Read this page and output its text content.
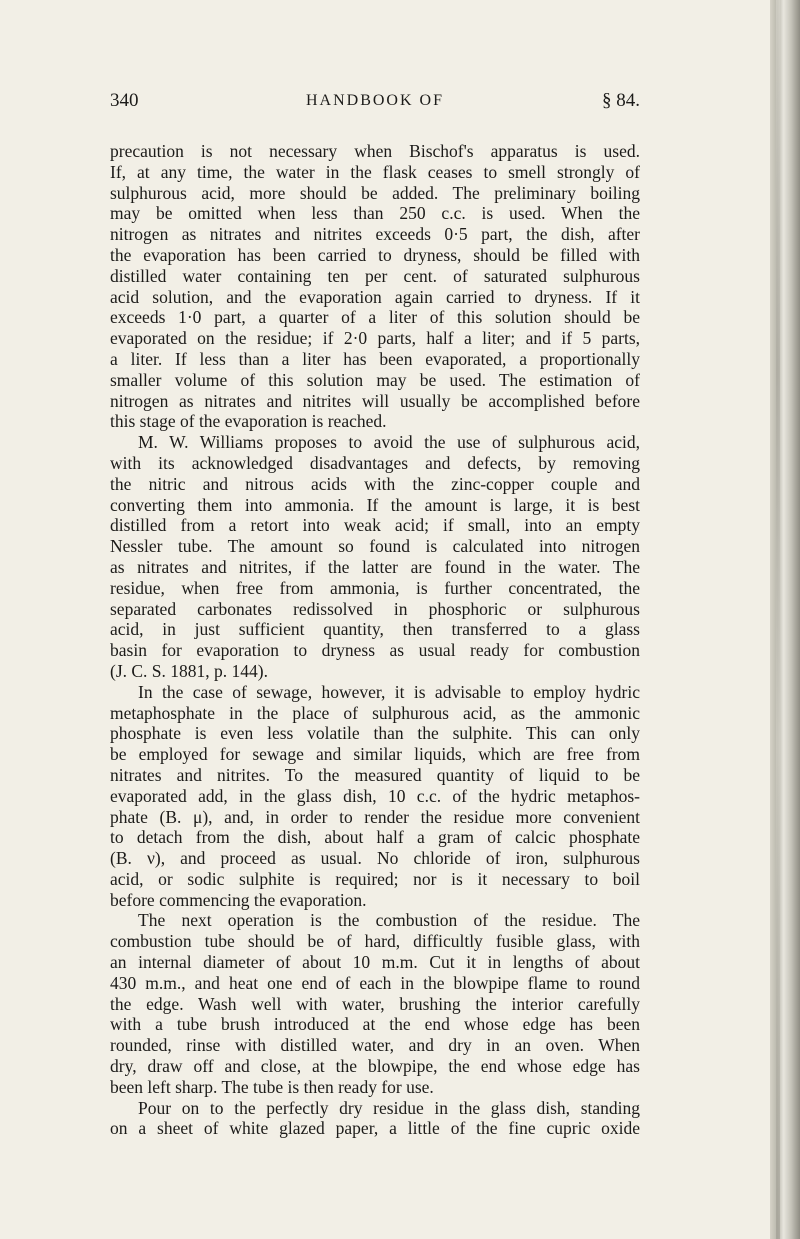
340	HANDBOOK OF	§ 84.
precaution is not necessary when Bischof's apparatus is used.
If, at any time, the water in the flask ceases to smell strongly of
sulphurous acid, more should be added. The preliminary boiling
may be omitted when less than 250 c.c. is used. When the
nitrogen as nitrates and nitrites exceeds 0·5 part, the dish, after
the evaporation has been carried to dryness, should be filled with
distilled water containing ten per cent. of saturated sulphurous
acid solution, and the evaporation again carried to dryness. If it
exceeds 1·0 part, a quarter of a liter of this solution should be
evaporated on the residue; if 2·0 parts, half a liter; and if 5 parts,
a liter. If less than a liter has been evaporated, a proportionally
smaller volume of this solution may be used. The estimation of
nitrogen as nitrates and nitrites will usually be accomplished before
this stage of the evaporation is reached.
M. W. Williams proposes to avoid the use of sulphurous acid,
with its acknowledged disadvantages and defects, by removing
the nitric and nitrous acids with the zinc-copper couple and
converting them into ammonia. If the amount is large, it is best
distilled from a retort into weak acid; if small, into an empty
Nessler tube. The amount so found is calculated into nitrogen
as nitrates and nitrites, if the latter are found in the water. The
residue, when free from ammonia, is further concentrated, the
separated carbonates redissolved in phosphoric or sulphurous
acid, in just sufficient quantity, then transferred to a glass
basin for evaporation to dryness as usual ready for combustion
(J. C. S. 1881, p. 144).
In the case of sewage, however, it is advisable to employ hydric
metaphosphate in the place of sulphurous acid, as the ammonic
phosphate is even less volatile than the sulphite. This can only
be employed for sewage and similar liquids, which are free from
nitrates and nitrites. To the measured quantity of liquid to be
evaporated add, in the glass dish, 10 c.c. of the hydric metaphos-
phate (B. μ), and, in order to render the residue more convenient
to detach from the dish, about half a gram of calcic phosphate
(B. ν), and proceed as usual. No chloride of iron, sulphurous
acid, or sodic sulphite is required; nor is it necessary to boil
before commencing the evaporation.
The next operation is the combustion of the residue. The
combustion tube should be of hard, difficultly fusible glass, with
an internal diameter of about 10 m.m. Cut it in lengths of about
430 m.m., and heat one end of each in the blowpipe flame to round
the edge. Wash well with water, brushing the interior carefully
with a tube brush introduced at the end whose edge has been
rounded, rinse with distilled water, and dry in an oven. When
dry, draw off and close, at the blowpipe, the end whose edge has
been left sharp. The tube is then ready for use.
Pour on to the perfectly dry residue in the glass dish, standing
on a sheet of white glazed paper, a little of the fine cupric oxide
